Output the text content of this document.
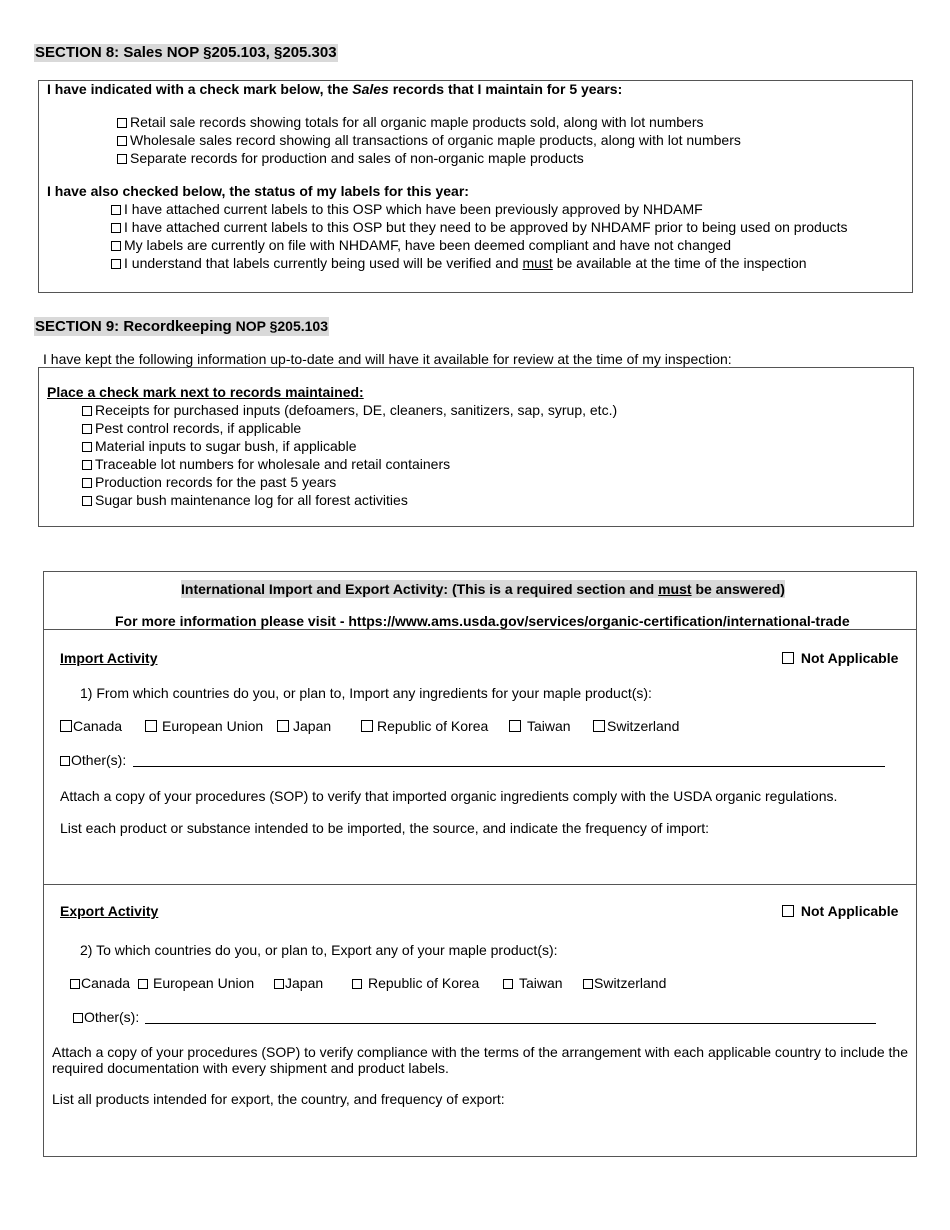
SECTION 8: Sales NOP §205.103, §205.303
I have indicated with a check mark below, the Sales records that I maintain for 5 years:
Retail sale records showing totals for all organic maple products sold, along with lot numbers
Wholesale sales record showing all transactions of organic maple products, along with lot numbers
Separate records for production and sales of non-organic maple products
I have also checked below, the status of my labels for this year:
I have attached current labels to this OSP which have been previously approved by NHDAMF
I have attached current labels to this OSP but they need to be approved by NHDAMF prior to being used on products
My labels are currently on file with NHDAMF, have been deemed compliant and have not changed
I understand that labels currently being used will be verified and must be available at the time of the inspection
SECTION 9: Recordkeeping NOP §205.103
I have kept the following information up-to-date and will have it available for review at the time of my inspection:
Place a check mark next to records maintained:
Receipts for purchased inputs (defoamers, DE, cleaners, sanitizers, sap, syrup, etc.)
Pest control records, if applicable
Material inputs to sugar bush, if applicable
Traceable lot numbers for wholesale and retail containers
Production records for the past 5 years
Sugar bush maintenance log for all forest activities
International Import and Export Activity: (This is a required section and must be answered)
For more information please visit - https://www.ams.usda.gov/services/organic-certification/international-trade
Import Activity	Not Applicable
1) From which countries do you, or plan to, Import any ingredients for your maple product(s):
Canada	European Union	Japan	Republic of Korea	Taiwan	Switzerland
Other(s):
Attach a copy of your procedures (SOP) to verify that imported organic ingredients comply with the USDA organic regulations.
List each product or substance intended to be imported, the source, and indicate the frequency of import:
Export Activity	Not Applicable
2) To which countries do you, or plan to, Export any of your maple product(s):
Canada	European Union	Japan	Republic of Korea	Taiwan	Switzerland
Other(s):
Attach a copy of your procedures (SOP) to verify compliance with the terms of the arrangement with each applicable country to include the
required documentation with every shipment and product labels.
List all products intended for export, the country, and frequency of export:
